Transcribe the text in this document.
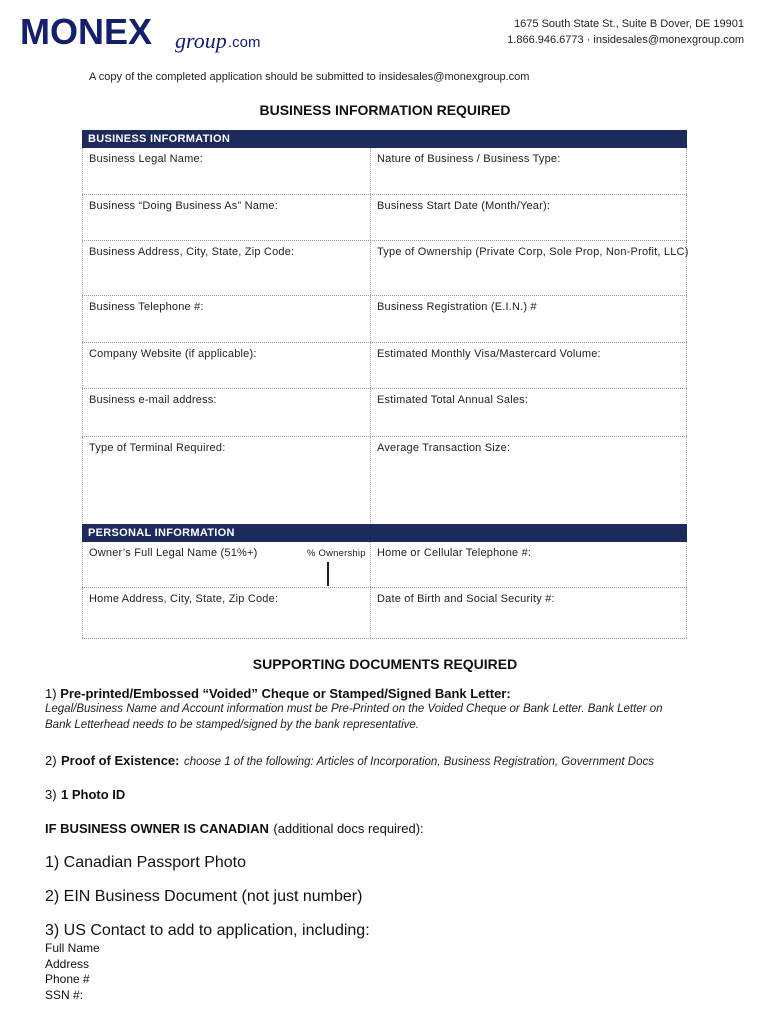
MONEX group .com
1675 South State St., Suite B Dover, DE 19901
1.866.946.6773 · insidesales@monexgroup.com
A copy of the completed application should be submitted to insidesales@monexgroup.com
BUSINESS INFORMATION REQUIRED
BUSINESS INFORMATION
Business Legal Name:	Nature of Business / Business Type:
Business “Doing Business As” Name:	Business Start Date (Month/Year):
Business Address, City, State, Zip Code:	Type of Ownership (Private Corp, Sole Prop, Non-Profit, LLC)
Business Telephone #:	Business Registration (E.I.N.) #
Company Website (if applicable):	Estimated Monthly Visa/Mastercard Volume:
Business e-mail address:	Estimated Total Annual Sales:
Type of Terminal Required:	Average Transaction Size:
PERSONAL INFORMATION
Owner’s Full Legal Name (51%+)	% Ownership	Home or Cellular Telephone #:
Home Address, City, State, Zip Code:	Date of Birth and Social Security #:
SUPPORTING DOCUMENTS REQUIRED
1) Pre-printed/Embossed “Voided” Cheque or Stamped/Signed Bank Letter:
Legal/Business Name and Account information must be Pre-Printed on the Voided Cheque or Bank Letter. Bank Letter on
Bank Letterhead needs to be stamped/signed by the bank representative.
2) Proof of Existence: choose 1 of the following: Articles of Incorporation, Business Registration, Government Docs
3) 1 Photo ID
IF BUSINESS OWNER IS CANADIAN (additional docs required):
1) Canadian Passport Photo
2) EIN Business Document (not just number)
3) US Contact to add to application, including:
Full Name
Address
Phone #
SSN #:
